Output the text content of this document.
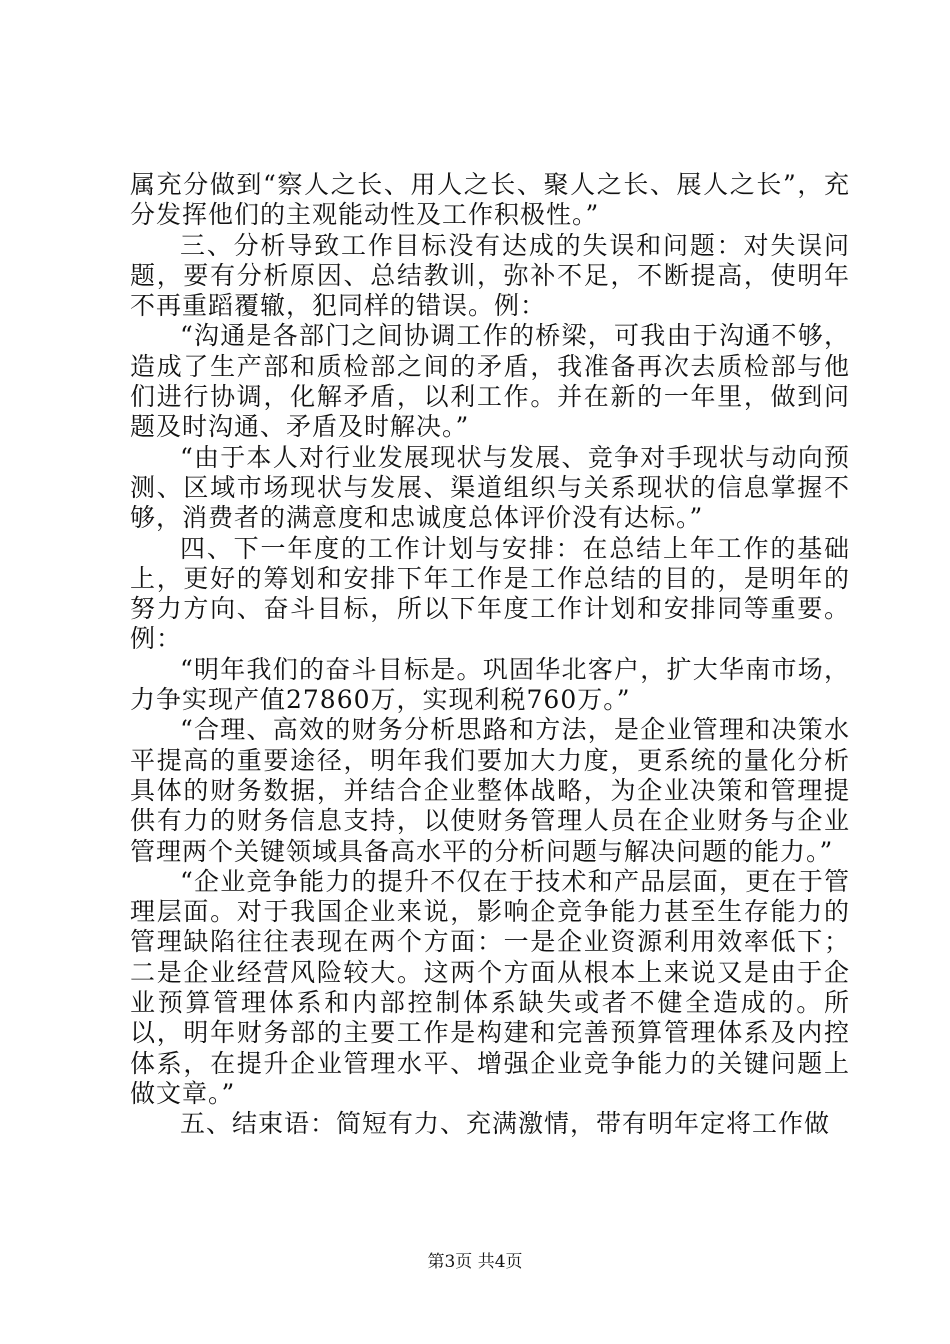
属充分做到“察人之长、用人之长、聚人之长、展人之长”，充分发挥他们的主观能动性及工作积极性。”

三、分析导致工作目标没有达成的失误和问题：对失误问题，要有分析原因、总结教训，弥补不足，不断提高，使明年不再重蹈覆辙，犯同样的错误。例：

“沟通是各部门之间协调工作的桥梁，可我由于沟通不够，造成了生产部和质检部之间的矛盾，我准备再次去质检部与他们进行协调，化解矛盾，以利工作。并在新的一年里，做到问题及时沟通、矛盾及时解决。”

“由于本人对行业发展现状与发展、竞争对手现状与动向预测、区域市场现状与发展、渠道组织与关系现状的信息掌握不够，消费者的满意度和忠诚度总体评价没有达标。”

四、下一年度的工作计划与安排：在总结上年工作的基础上，更好的筹划和安排下年工作是工作总结的目的，是明年的努力方向、奋斗目标，所以下年度工作计划和安排同等重要。例：

“明年我们的奋斗目标是。巩固华北客户，扩大华南市场，力争实现产值27860万，实现利税760万。”

“合理、高效的财务分析思路和方法，是企业管理和决策水平提高的重要途径，明年我们要加大力度，更系统的量化分析具体的财务数据，并结合企业整体战略，为企业决策和管理提供有力的财务信息支持，以使财务管理人员在企业财务与企业管理两个关键领域具备高水平的分析问题与解决问题的能力。”

“企业竞争能力的提升不仅在于技术和产品层面，更在于管理层面。对于我国企业来说，影响企竞争能力甚至生存能力的管理缺陷往往表现在两个方面：一是企业资源利用效率低下；二是企业经营风险较大。这两个方面从根本上来说又是由于企业预算管理体系和内部控制体系缺失或者不健全造成的。所以，明年财务部的主要工作是构建和完善预算管理体系及内控体系，在提升企业管理水平、增强企业竞争能力的关键问题上做文章。”

五、结束语：简短有力、充满激情，带有明年定将工作做

第3页 共4页
